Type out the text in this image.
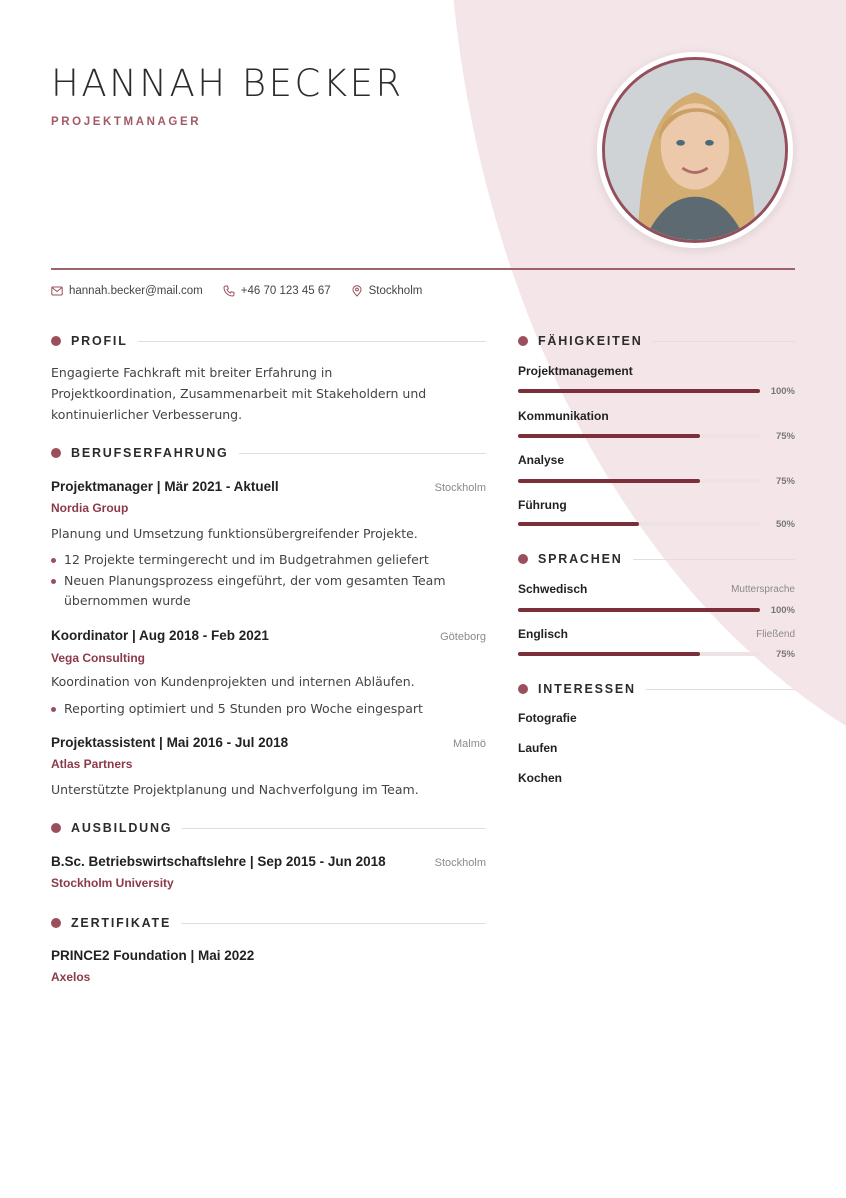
HANNAH BECKER
PROJEKTMANAGER
hannah.becker@mail.com	+46 70 123 45 67	Stockholm
PROFIL
Engagierte Fachkraft mit breiter Erfahrung in
Projektkoordination, Zusammenarbeit mit Stakeholdern und
kontinuierlicher Verbesserung.
BERUFSERFAHRUNG
Projektmanager | Mär 2021 - Aktuell	Stockholm
Nordia Group
Planung und Umsetzung funktionsübergreifender Projekte.
12 Projekte termingerecht und im Budgetrahmen geliefert
Neuen Planungsprozess eingeführt, der vom gesamten Team übernommen wurde
Koordinator | Aug 2018 - Feb 2021	Göteborg
Vega Consulting
Koordination von Kundenprojekten und internen Abläufen.
Reporting optimiert und 5 Stunden pro Woche eingespart
Projektassistent | Mai 2016 - Jul 2018	Malmö
Atlas Partners
Unterstützte Projektplanung und Nachverfolgung im Team.
AUSBILDUNG
B.Sc. Betriebswirtschaftslehre | Sep 2015 - Jun 2018	Stockholm
Stockholm University
ZERTIFIKATE
PRINCE2 Foundation | Mai 2022
Axelos
FÄHIGKEITEN
Projektmanagement
100%
Kommunikation
75%
Analyse
75%
Führung
50%
SPRACHEN
Schwedisch	Muttersprache
100%
Englisch	Fließend
75%
INTERESSEN
Fotografie
Laufen
Kochen
